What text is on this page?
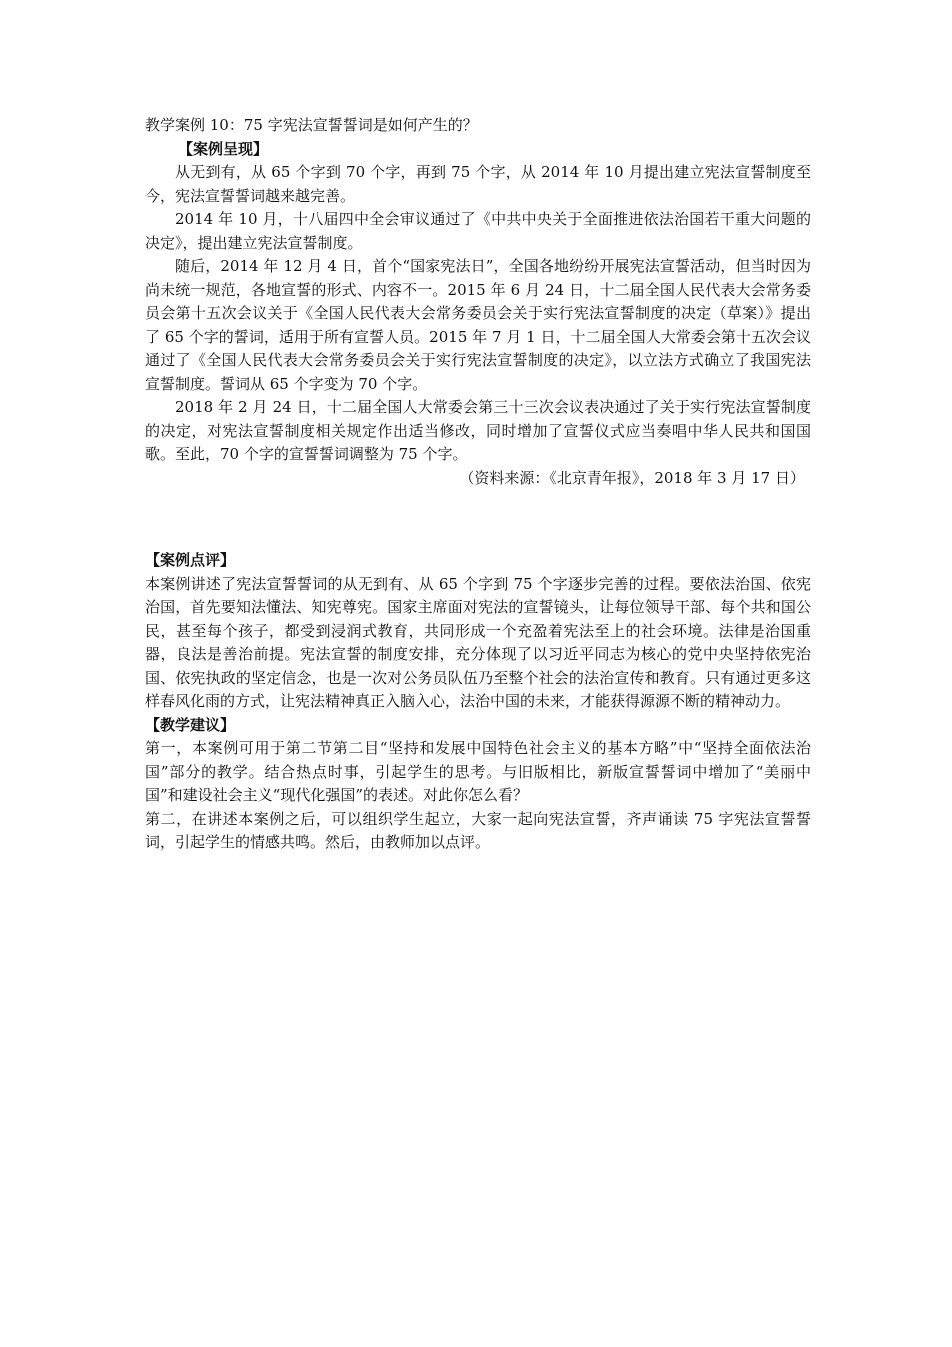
教学案例 10：75 字宪法宣誓誓词是如何产生的？

【案例呈现】

从无到有，从 65 个字到 70 个字，再到 75 个字，从 2014 年 10 月提出建立宪法宣誓制度至今，宪法宣誓誓词越来越完善。

2014 年 10 月，十八届四中全会审议通过了《中共中央关于全面推进依法治国若干重大问题的决定》，提出建立宪法宣誓制度。

随后，2014 年 12 月 4 日，首个“国家宪法日”，全国各地纷纷开展宪法宣誓活动，但当时因为尚未统一规范，各地宣誓的形式、内容不一。2015 年 6 月 24 日，十二届全国人民代表大会常务委员会第十五次会议关于《全国人民代表大会常务委员会关于实行宪法宣誓制度的决定（草案）》提出了 65 个字的誓词，适用于所有宣誓人员。2015 年 7 月 1 日，十二届全国人大常委会第十五次会议通过了《全国人民代表大会常务委员会关于实行宪法宣誓制度的决定》，以立法方式确立了我国宪法宣誓制度。誓词从 65 个字变为 70 个字。

2018 年 2 月 24 日，十二届全国人大常委会第三十三次会议表决通过了关于实行宪法宣誓制度的决定，对宪法宣誓制度相关规定作出适当修改，同时增加了宣誓仪式应当奏唱中华人民共和国国歌。至此，70 个字的宣誓誓词调整为 75 个字。

（资料来源：《北京青年报》，2018 年 3 月 17 日）

【案例点评】

本案例讲述了宪法宣誓誓词的从无到有、从 65 个字到 75 个字逐步完善的过程。要依法治国、依宪治国，首先要知法懂法、知宪尊宪。国家主席面对宪法的宣誓镜头，让每位领导干部、每个共和国公民，甚至每个孩子，都受到浸润式教育，共同形成一个充盈着宪法至上的社会环境。法律是治国重器，良法是善治前提。宪法宣誓的制度安排，充分体现了以习近平同志为核心的党中央坚持依宪治国、依宪执政的坚定信念，也是一次对公务员队伍乃至整个社会的法治宣传和教育。只有通过更多这样春风化雨的方式，让宪法精神真正入脑入心，法治中国的未来，才能获得源源不断的精神动力。

【教学建议】

第一，本案例可用于第二节第二目“坚持和发展中国特色社会主义的基本方略”中“坚持全面依法治国”部分的教学。结合热点时事，引起学生的思考。与旧版相比，新版宣誓誓词中增加了“美丽中国”和建设社会主义“现代化强国”的表述。对此你怎么看？

第二，在讲述本案例之后，可以组织学生起立，大家一起向宪法宣誓，齐声诵读 75 字宪法宣誓誓词，引起学生的情感共鸣。然后，由教师加以点评。
